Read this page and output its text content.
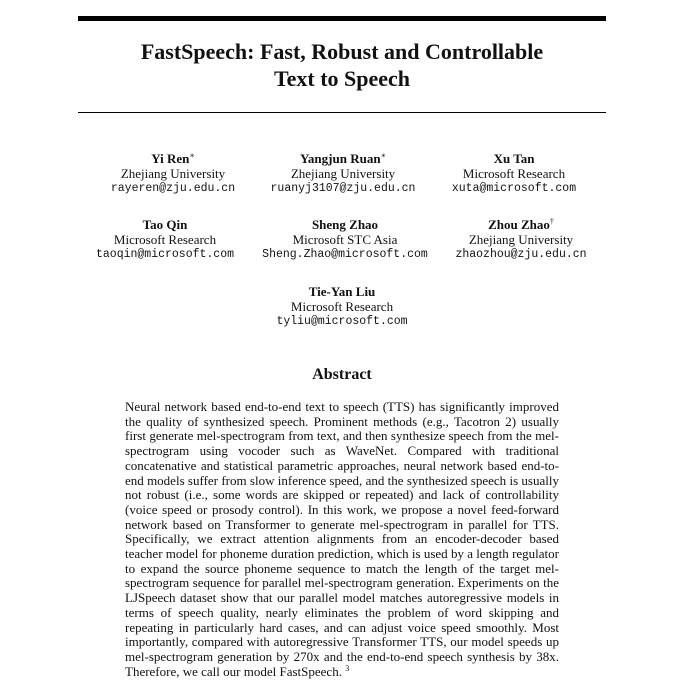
FastSpeech: Fast, Robust and Controllable
Text to Speech
Yi Ren∗
Zhejiang University
rayeren@zju.edu.cn
Yangjun Ruan∗
Zhejiang University
ruanyj3107@zju.edu.cn
Xu Tan
Microsoft Research
xuta@microsoft.com
Tao Qin
Microsoft Research
taoqin@microsoft.com
Sheng Zhao
Microsoft STC Asia
Sheng.Zhao@microsoft.com
Zhou Zhao†
Zhejiang University
zhaozhou@zju.edu.cn
Tie-Yan Liu
Microsoft Research
tyliu@microsoft.com
Abstract
Neural network based end-to-end text to speech (TTS) has significantly improved the quality of synthesized speech. Prominent methods (e.g., Tacotron 2) usually first generate mel-spectrogram from text, and then synthesize speech from the mel-spectrogram using vocoder such as WaveNet. Compared with traditional concatenative and statistical parametric approaches, neural network based end-to-end models suffer from slow inference speed, and the synthesized speech is usually not robust (i.e., some words are skipped or repeated) and lack of controllability (voice speed or prosody control). In this work, we propose a novel feed-forward network based on Transformer to generate mel-spectrogram in parallel for TTS. Specifically, we extract attention alignments from an encoder-decoder based teacher model for phoneme duration prediction, which is used by a length regulator to expand the source phoneme sequence to match the length of the target mel-spectrogram sequence for parallel mel-spectrogram generation. Experiments on the LJSpeech dataset show that our parallel model matches autoregressive models in terms of speech quality, nearly eliminates the problem of word skipping and repeating in particularly hard cases, and can adjust voice speed smoothly. Most importantly, compared with autoregressive Transformer TTS, our model speeds up mel-spectrogram generation by 270x and the end-to-end speech synthesis by 38x. Therefore, we call our model FastSpeech. $^3$
